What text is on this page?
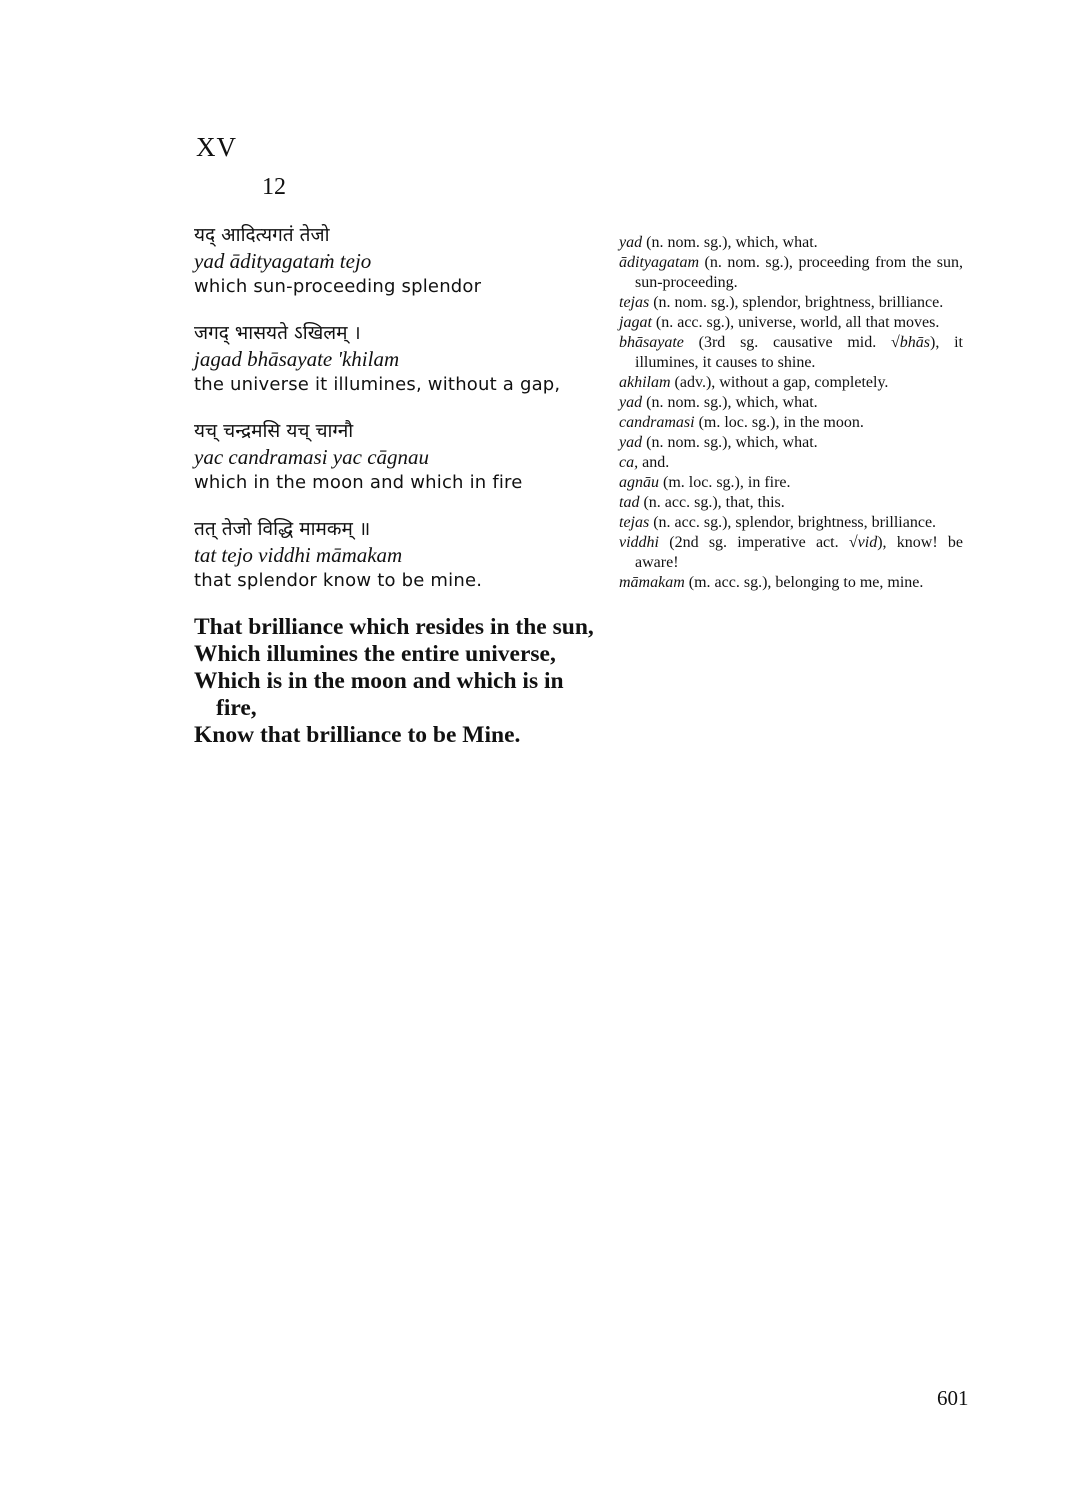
XV
12
यद् आदित्यगतं तेजो
yad ādityagataṁ tejo
which sun-proceeding splendor
जगद् भासयते ऽखिलम् ।
jagad bhāsayate 'khilam
the universe it illumines, without a gap,
यच् चन्द्रमसि यच् चाग्नौ
yac candramasi yac cāgnau
which in the moon and which in fire
तत् तेजो विद्धि मामकम् ॥
tat tejo viddhi māmakam
that splendor know to be mine.
That brilliance which resides in the sun,
Which illumines the entire universe,
Which is in the moon and which is in fire,
Know that brilliance to be Mine.
yad (n. nom. sg.), which, what.
ādityagatam (n. nom. sg.), proceeding from the sun, sun-proceeding.
tejas (n. nom. sg.), splendor, brightness, brilliance.
jagat (n. acc. sg.), universe, world, all that moves.
bhāsayate (3rd sg. causative mid. √bhās), it illumines, it causes to shine.
akhilam (adv.), without a gap, completely.
yad (n. nom. sg.), which, what.
candramasi (m. loc. sg.), in the moon.
yad (n. nom. sg.), which, what.
ca, and.
agnāu (m. loc. sg.), in fire.
tad (n. acc. sg.), that, this.
tejas (n. acc. sg.), splendor, brightness, brilliance.
viddhi (2nd sg. imperative act. √vid), know! be aware!
māmakam (m. acc. sg.), belonging to me, mine.
601
